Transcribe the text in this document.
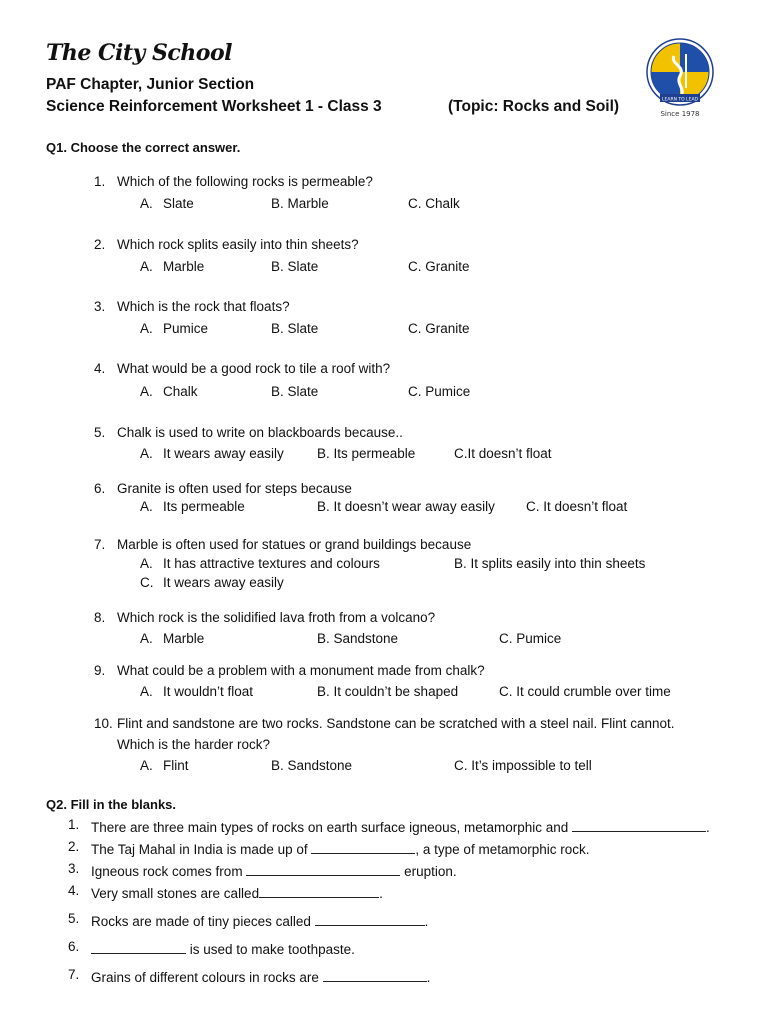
The City School
PAF Chapter, Junior Section
Science Reinforcement Worksheet 1 - Class 3	(Topic: Rocks and Soil)	LEARN TO LEAD
Since 1978
Q1. Choose the correct answer.
1. Which of the following rocks is permeable?
A. Slate	B. Marble	C. Chalk
2. Which rock splits easily into thin sheets?
A. Marble	B. Slate	C. Granite
3. Which is the rock that floats?
A. Pumice	B. Slate	C. Granite
4. What would be a good rock to tile a roof with?
A. Chalk	B. Slate	C. Pumice
5. Chalk is used to write on blackboards because..
A. It wears away easily B. Its permeable	C.It doesn’t float
6. Granite is often used for steps because
A. Its permeable	B. It doesn’t wear away easily C. It doesn’t float
7. Marble is often used for statues or grand buildings because
A. It has attractive textures and colours	B. It splits easily into thin sheets
C. It wears away easily
8. Which rock is the solidified lava froth from a volcano?
A. Marble	B. Sandstone	C. Pumice
9. What could be a problem with a monument made from chalk?
A. It wouldn’t float	B. It couldn’t be shaped	C. It could crumble over time
10. Flint and sandstone are two rocks. Sandstone can be scratched with a steel nail. Flint cannot.
Which is the harder rock?
A. Flint	B. Sandstone	C. It’s impossible to tell
Q2. Fill in the blanks.
1. There are three main types of rocks on earth surface igneous, metamorphic and	.
2. The Taj Mahal in India is made up of	, a type of metamorphic rock.
3. Igneous rock comes from	eruption.
4. Very small stones are called	.
5. Rocks are made of tiny pieces called	.
6.	is used to make toothpaste.
7. Grains of different colours in rocks are	.
